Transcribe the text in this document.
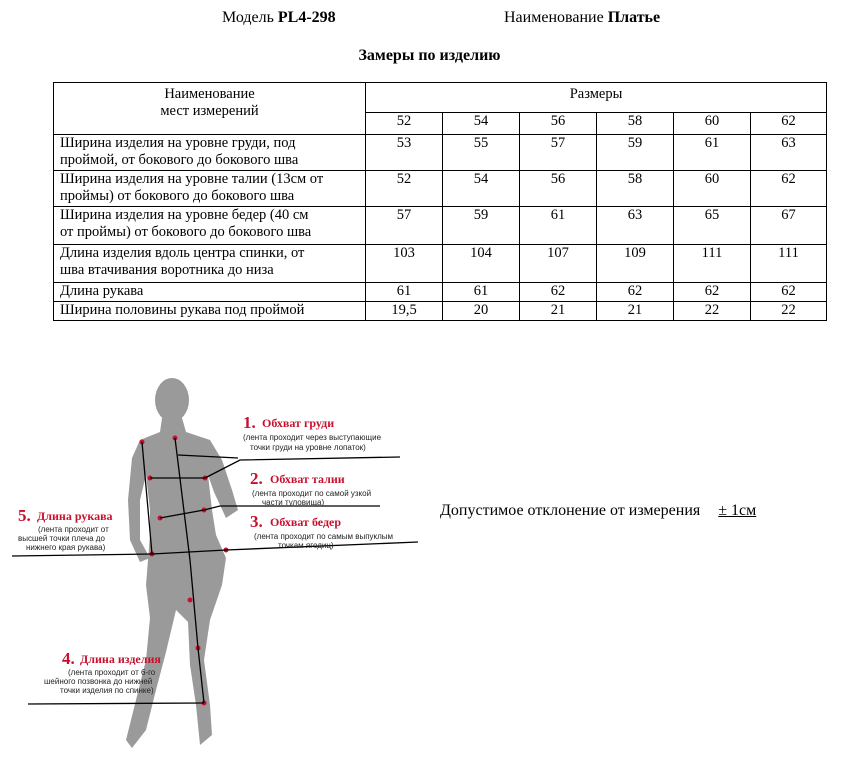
Модель PL4-298	Наименование Платье
Замеры по изделию
Наименование
мест измерений	Размеры					
	52	54	56	58	60	62

Ширина изделия на уровне груди, под
проймой, от бокового до бокового шва	53	55	57	59	61	63

Ширина изделия на уровне талии (13см от
проймы) от бокового до бокового шва	52	54	56	58	60	62

Ширина изделия на уровне бедер (40 см
от проймы) от бокового до бокового шва	57	59	61	63	65	67

Длина изделия вдоль центра спинки, от
шва втачивания воротника до низа	103	104	107	109	111	111
Длина рукава	61	61	62	62	62	62
Ширина половины рукава под проймой	19,5	20	21	21	22	22
1. Обхват груди
(лента проходит через выступающие
точки груди на уровне лопаток)
2. Обхват талии
(лента проходит по самой узкой
части туловища)
3. Обхват бедер
(лента проходит по самым выпуклым
точкам ягодиц)
5. Длина рукава
(лента проходит от
высшей точки плеча до
нижнего края рукава)
4. Длина изделия
(лента проходит от 6-го
шейного позвонка до нижней
точки изделия по спинке)
Допустимое отклонение от измерения ± 1см
